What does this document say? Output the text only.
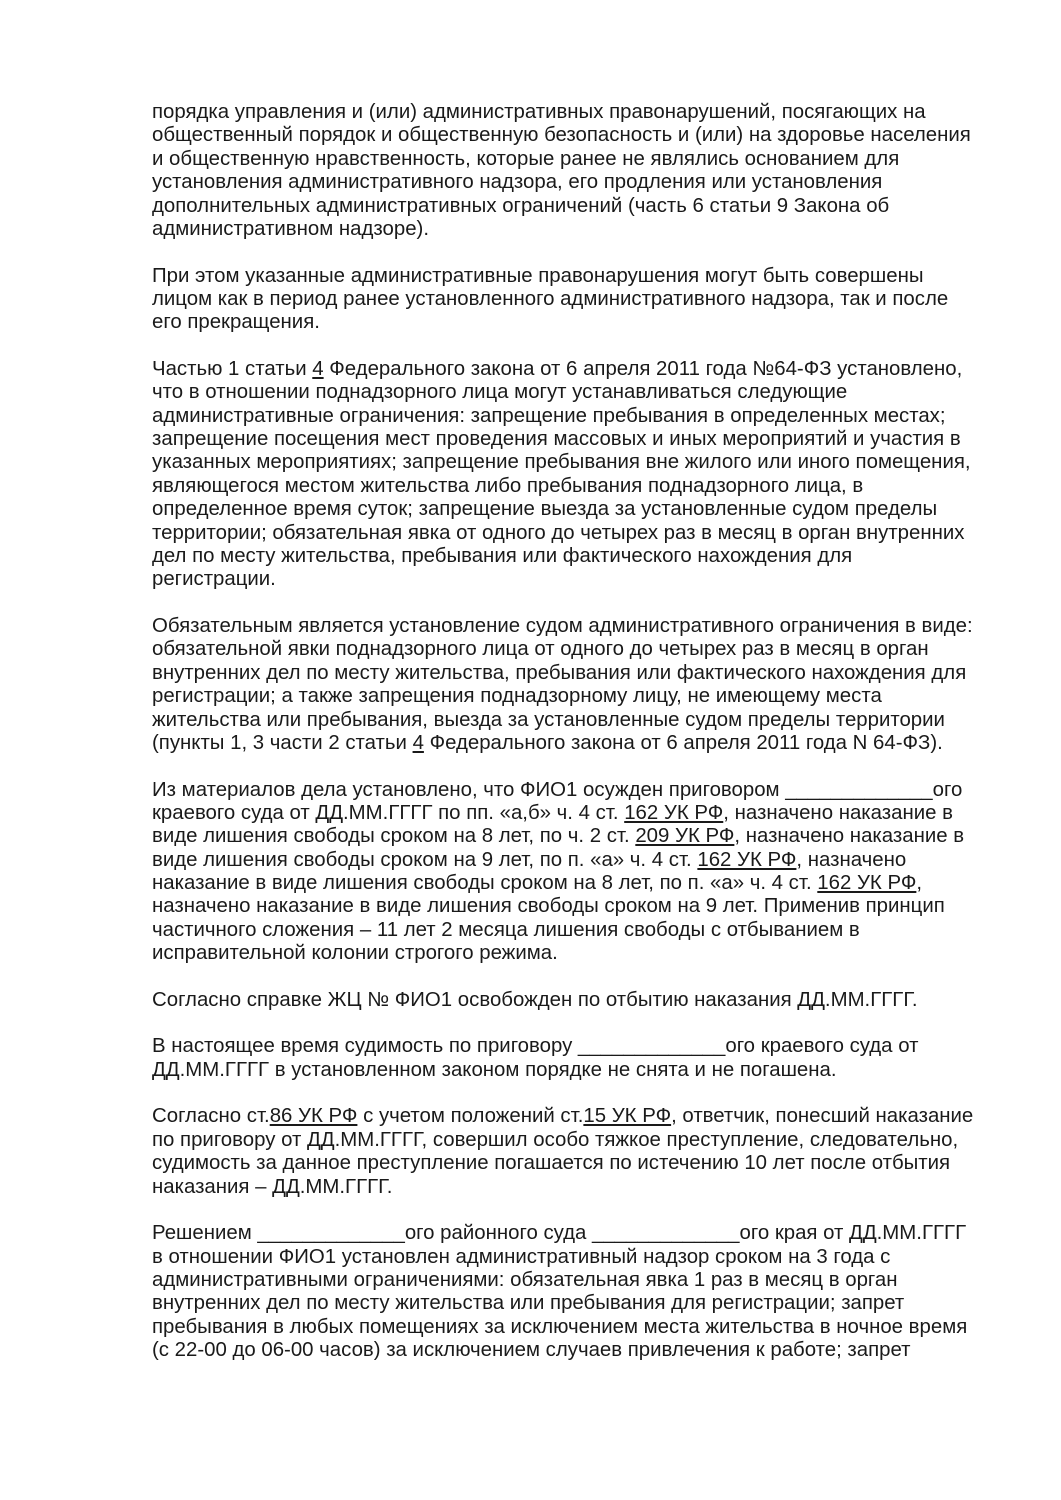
порядка управления и (или) административных правонарушений, посягающих на
общественный порядок и общественную безопасность и (или) на здоровье населения
и общественную нравственность, которые ранее не являлись основанием для
установления административного надзора, его продления или установления
дополнительных административных ограничений (часть 6 статьи 9 Закона об
административном надзоре).
При этом указанные административные правонарушения могут быть совершены
лицом как в период ранее установленного административного надзора, так и после
его прекращения.
Частью 1 статьи 4 Федерального закона от 6 апреля 2011 года №64-ФЗ установлено,
что в отношении поднадзорного лица могут устанавливаться следующие
административные ограничения: запрещение пребывания в определенных местах;
запрещение посещения мест проведения массовых и иных мероприятий и участия в
указанных мероприятиях; запрещение пребывания вне жилого или иного помещения,
являющегося местом жительства либо пребывания поднадзорного лица, в
определенное время суток; запрещение выезда за установленные судом пределы
территории; обязательная явка от одного до четырех раз в месяц в орган внутренних
дел по месту жительства, пребывания или фактического нахождения для
регистрации.
Обязательным является установление судом административного ограничения в виде:
обязательной явки поднадзорного лица от одного до четырех раз в месяц в орган
внутренних дел по месту жительства, пребывания или фактического нахождения для
регистрации; а также запрещения поднадзорному лицу, не имеющему места
жительства или пребывания, выезда за установленные судом пределы территории
(пункты 1, 3 части 2 статьи 4 Федерального закона от 6 апреля 2011 года N 64-ФЗ).
Из материалов дела установлено, что ФИО1 осужден приговором _____________ого
краевого суда от ДД.ММ.ГГГГ по пп. «а,б» ч. 4 ст. 162 УК РФ, назначено наказание в
виде лишения свободы сроком на 8 лет, по ч. 2 ст. 209 УК РФ, назначено наказание в
виде лишения свободы сроком на 9 лет, по п. «а» ч. 4 ст. 162 УК РФ, назначено
наказание в виде лишения свободы сроком на 8 лет, по п. «а» ч. 4 ст. 162 УК РФ,
назначено наказание в виде лишения свободы сроком на 9 лет. Применив принцип
частичного сложения – 11 лет 2 месяца лишения свободы с отбыванием в
исправительной колонии строгого режима.
Согласно справке ЖЦ № ФИО1 освобожден по отбытию наказания ДД.ММ.ГГГГ.
В настоящее время судимость по приговору _____________ого краевого суда от
ДД.ММ.ГГГГ в установленном законом порядке не снята и не погашена.
Согласно ст.86 УК РФ с учетом положений ст.15 УК РФ, ответчик, понесший наказание
по приговору от ДД.ММ.ГГГГ, совершил особо тяжкое преступление, следовательно,
судимость за данное преступление погашается по истечению 10 лет после отбытия
наказания – ДД.ММ.ГГГГ.
Решением _____________ого районного суда _____________ого края от ДД.ММ.ГГГГ
в отношении ФИО1 установлен административный надзор сроком на 3 года с
административными ограничениями: обязательная явка 1 раз в месяц в орган
внутренних дел по месту жительства или пребывания для регистрации; запрет
пребывания в любых помещениях за исключением места жительства в ночное время
(с 22-00 до 06-00 часов) за исключением случаев привлечения к работе; запрет
